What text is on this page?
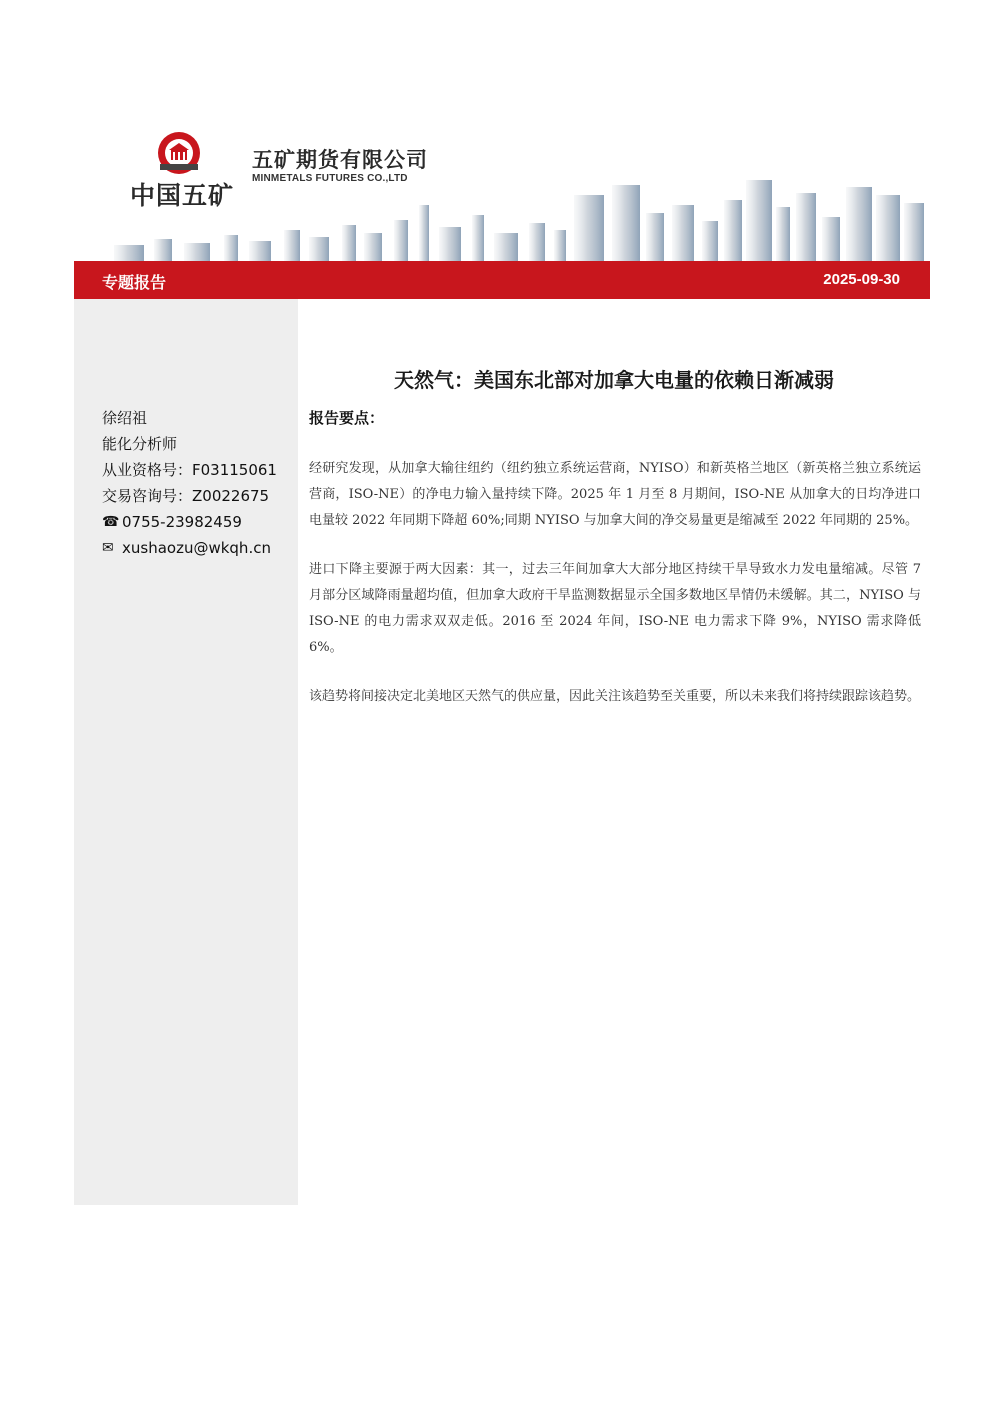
中国五矿
五矿期货有限公司
MINMETALS FUTURES CO.,LTD
专题报告	2025-09-30
徐绍祖
能化分析师
从业资格号：F03115061
交易咨询号：Z0022675
☎ 0755-23982459
✉ xushaozu@wkqh.cn
天然气：美国东北部对加拿大电量的依赖日渐减弱
报告要点：

经研究发现，从加拿大输往纽约（纽约独立系统运营商，NYISO）和新英格兰地区（新英格兰独立系统运营商，ISO-NE）的净电力输入量持续下降。2025 年 1 月至 8 月期间，ISO-NE 从加拿大的日均净进口电量较 2022 年同期下降超 60%;同期 NYISO 与加拿大间的净交易量更是缩减至 2022 年同期的 25%。

进口下降主要源于两大因素：其一，过去三年间加拿大大部分地区持续干旱导致水力发电量缩减。尽管 7 月部分区域降雨量超均值，但加拿大政府干旱监测数据显示全国多数地区旱情仍未缓解。其二，NYISO 与 ISO-NE 的电力需求双双走低。2016 至 2024 年间，ISO-NE 电力需求下降 9%，NYISO 需求降低 6%。

该趋势将间接决定北美地区天然气的供应量，因此关注该趋势至关重要，所以未来我们将持续跟踪该趋势。
